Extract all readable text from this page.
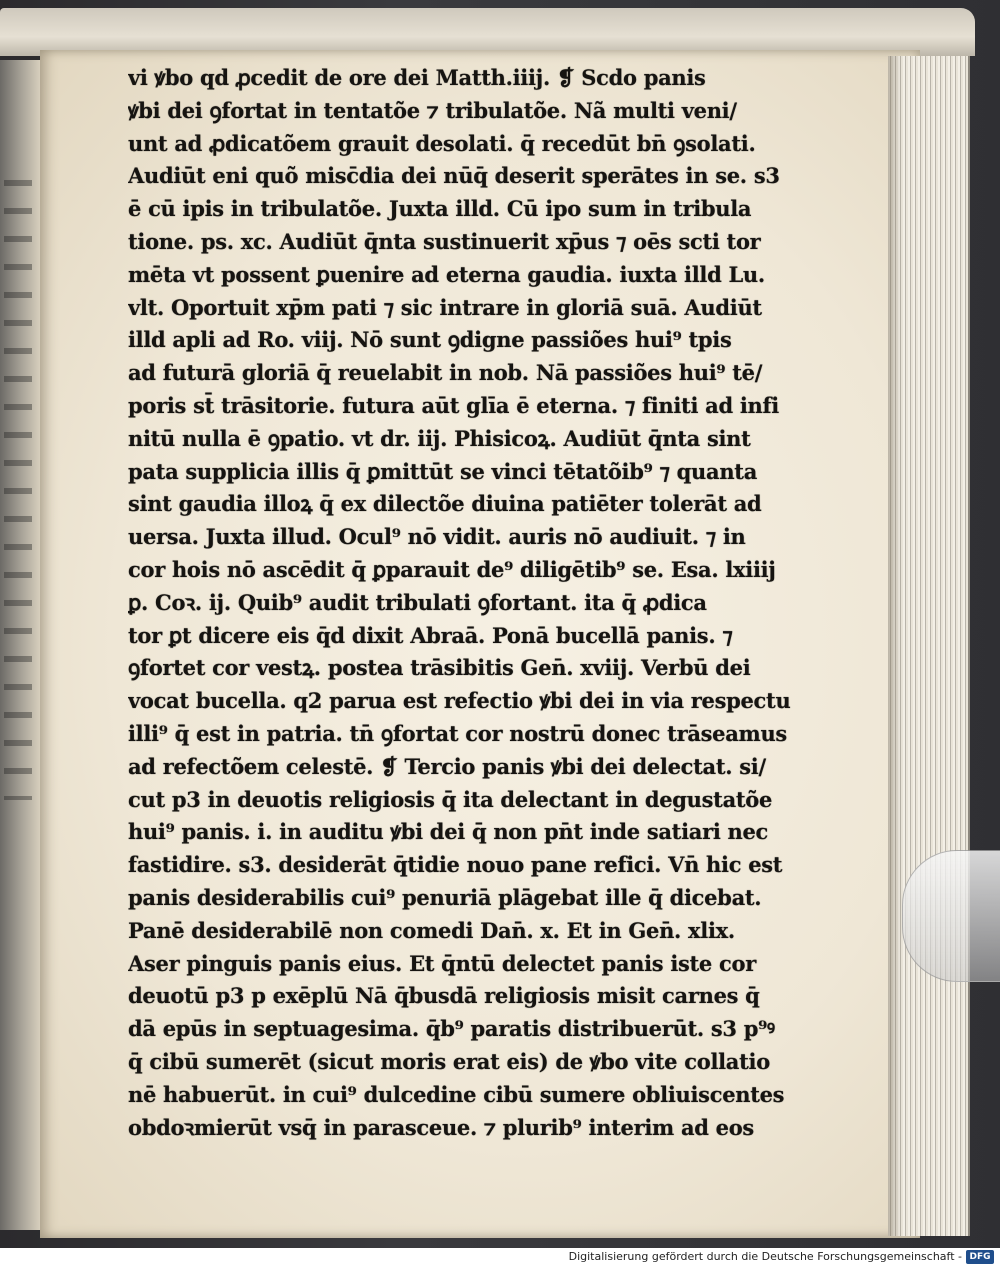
vi ꝟbo qd ꝓcedit de ore dei Matth.iiij. ❡ Scdo panis
ꝟbi dei ꝯfortat in tentatõe ⁊ tribulatõe. Nã multi veni/
unt ad ꝓdicatõem grauit desolati. q̄ recedūt bn̄ ꝯsolati.
Audiūt eni quõ misc̄dia dei nūq̄ deserit sperātes in se. s3
ē cū ipis in tribulatõe. Juxta illd. Cū ipo sum in tribula
tione. ps. xc. Audiūt q̄nta sustinuerit xp̄us ⁊ oēs scti tor
mēta vt possent ꝑuenire ad eterna gaudia. iuxta illd Lu.
vlt. Oportuit xp̄m pati ⁊ sic intrare in gloriā suā. Audiūt
illd apli ad Ro. viij. Nō sunt ꝯdigne passiões hui⁹ tpis
ad futurā gloriā q̄ reuelabit in nob. Nā passiões hui⁹ tē/
poris st̄ trāsitorie. futura aūt glīa ē eterna. ⁊ finiti ad infi
nitū nulla ē ꝯpatio. vt dr. iij. Phisicoꝝ. Audiūt q̄nta sint
pata supplicia illis q̄ ꝑmittūt se vinci tētatõib⁹ ⁊ quanta
sint gaudia illoꝝ q̄ ex dilectõe diuina patiēter tolerāt ad
uersa. Juxta illud. Ocul⁹ nō vidit. auris nō audiuit. ⁊ in
cor hois nō ascēdit q̄ ꝑparauit de⁹ diligētib⁹ se. Esa. lxiiij
ꝑ. Coꝛ. ij. Quib⁹ audit tribulati ꝯfortant. ita q̄ ꝓdica
tor ꝑt dicere eis q̄d dixit Abraā. Ponā bucellā panis. ⁊
ꝯfortet cor vestꝝ. postea trāsibitis Gen̄. xviij. Verbū dei
vocat bucella. q2 parua est refectio ꝟbi dei in via respectu
illi⁹ q̄ est in patria. tn̄ ꝯfortat cor nostrū donec trāseamus
ad refectõem celestē. ❡ Tercio panis ꝟbi dei delectat. si/
cut p3 in deuotis religiosis q̄ ita delectant in degustatõe
hui⁹ panis. i. in auditu ꝟbi dei q̄ non pn̄t inde satiari nec
fastidire. s3. desiderāt q̄tidie nouo pane refici. Vn̄ hic est
panis desiderabilis cui⁹ penuriā plāgebat ille q̄ dicebat.
Panē desiderabilē non comedi Dan̄. x. Et in Gen̄. xlix.
Aser pinguis panis eius. Et q̄ntū delectet panis iste cor
deuotū p3 p exēplū Nā q̄busdā religiosis misit carnes q̄
dā epūs in septuagesima. q̄b⁹ paratis distribuerūt. s3 p⁹ꝰ
q̄ cibū sumerēt (sicut moris erat eis) de ꝟbo vite collatio
nē habuerūt. in cui⁹ dulcedine cibū sumere obliuiscentes
obdoꝛmierūt vsq̄ in parasceue. ⁊ plurib⁹ interim ad eos
Digitalisierung gefördert durch die Deutsche Forschungsgemeinschaft - DFG
